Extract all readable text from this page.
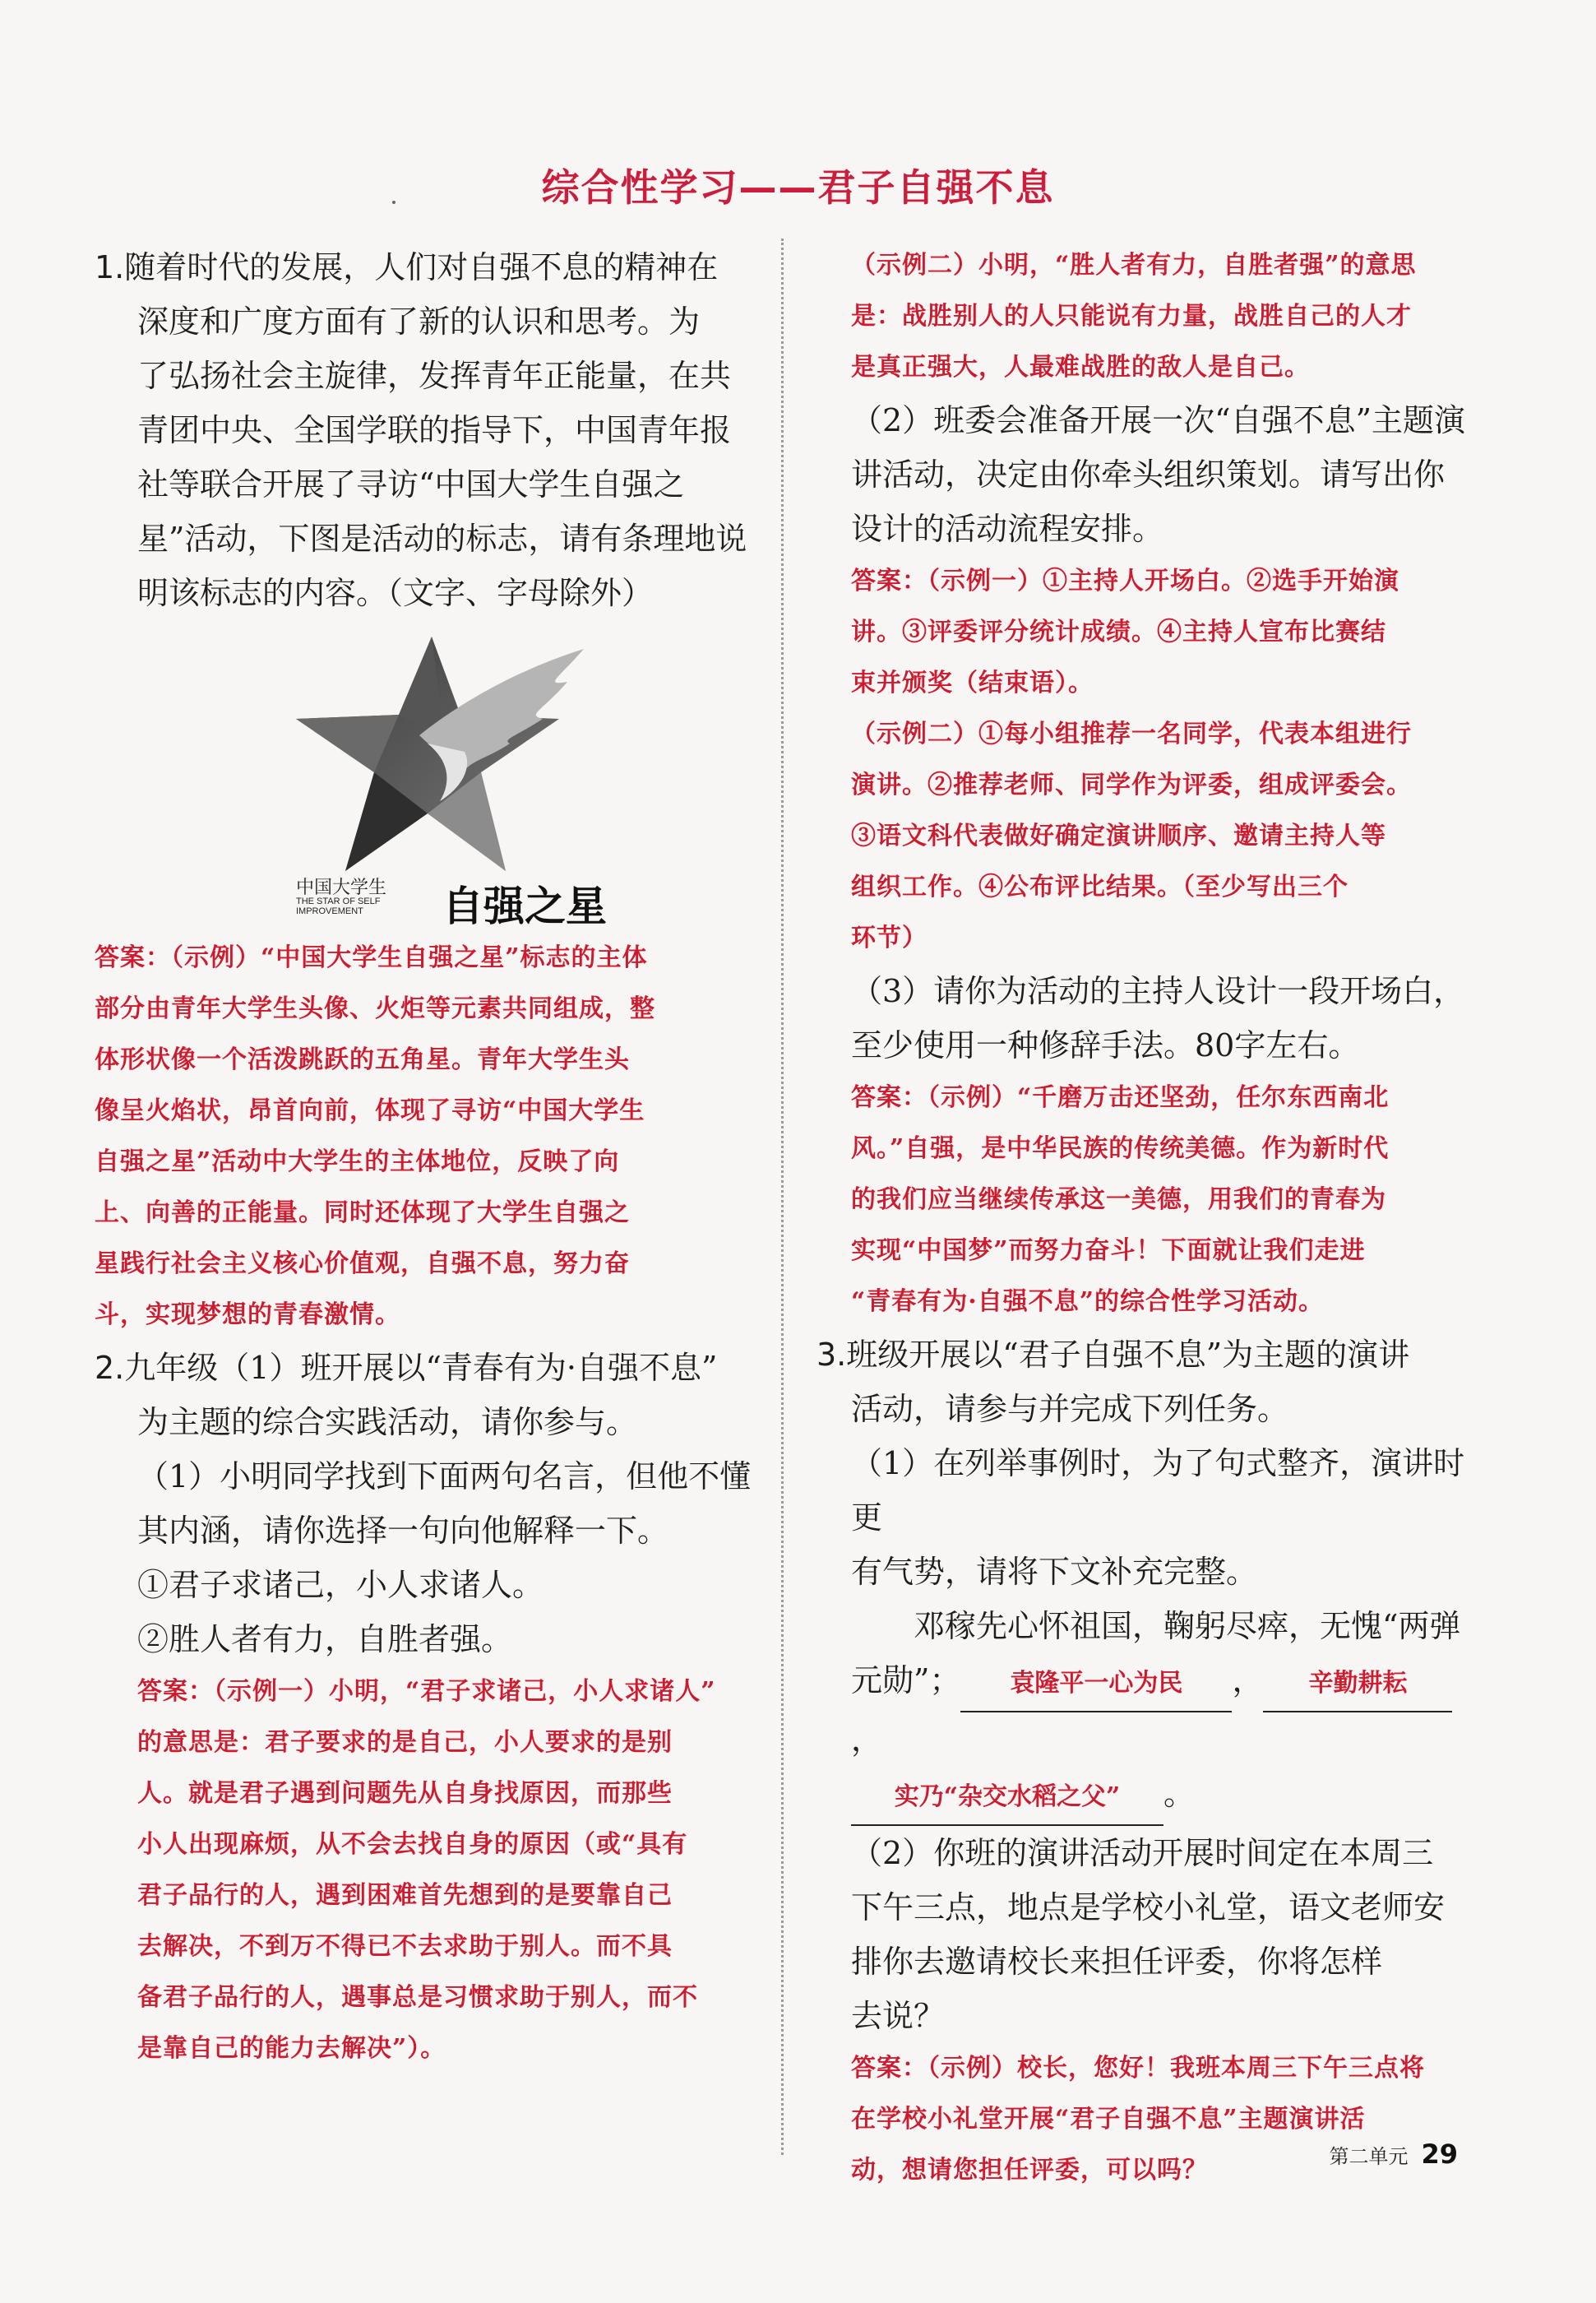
综合性学习——君子自强不息

1.随着时代的发展，人们对自强不息的精神在

深度和广度方面有了新的认识和思考。为

了弘扬社会主旋律，发挥青年正能量，在共

青团中央、全国学联的指导下，中国青年报

社等联合开展了寻访“中国大学生自强之

星”活动，下图是活动的标志，请有条理地说

明该标志的内容。（文字、字母除外）

中国大学生
THE STAR OF SELF
IMPROVEMENT	自强之星

答案：（示例）“中国大学生自强之星”标志的主体

部分由青年大学生头像、火炬等元素共同组成，整

体形状像一个活泼跳跃的五角星。青年大学生头

像呈火焰状，昂首向前，体现了寻访“中国大学生

自强之星”活动中大学生的主体地位，反映了向

上、向善的正能量。同时还体现了大学生自强之

星践行社会主义核心价值观，自强不息，努力奋

斗，实现梦想的青春激情。

2.九年级（1）班开展以“青春有为·自强不息”

为主题的综合实践活动，请你参与。

（1）小明同学找到下面两句名言，但他不懂

其内涵，请你选择一句向他解释一下。

①君子求诸己，小人求诸人。

②胜人者有力，自胜者强。

答案：（示例一）小明，“君子求诸己，小人求诸人”

的意思是：君子要求的是自己，小人要求的是别

人。就是君子遇到问题先从自身找原因，而那些

小人出现麻烦，从不会去找自身的原因（或“具有

君子品行的人，遇到困难首先想到的是要靠自己

去解决，不到万不得已不去求助于别人。而不具

备君子品行的人，遇事总是习惯求助于别人，而不

是靠自己的能力去解决”）。

（示例二）小明，“胜人者有力，自胜者强”的意思

是：战胜别人的人只能说有力量，战胜自己的人才

是真正强大，人最难战胜的敌人是自己。

（2）班委会准备开展一次“自强不息”主题演

讲活动，决定由你牵头组织策划。请写出你

设计的活动流程安排。

答案：（示例一）①主持人开场白。②选手开始演

讲。③评委评分统计成绩。④主持人宣布比赛结

束并颁奖（结束语）。

（示例二）①每小组推荐一名同学，代表本组进行

演讲。②推荐老师、同学作为评委，组成评委会。

③语文科代表做好确定演讲顺序、邀请主持人等

组织工作。④公布评比结果。（至少写出三个

环节）

（3）请你为活动的主持人设计一段开场白，

至少使用一种修辞手法。80字左右。

答案：（示例）“千磨万击还坚劲，任尔东西南北

风。”自强，是中华民族的传统美德。作为新时代

的我们应当继续传承这一美德，用我们的青春为

实现“中国梦”而努力奋斗！下面就让我们走进

“青春有为·自强不息”的综合性学习活动。

3.班级开展以“君子自强不息”为主题的演讲

活动，请参与并完成下列任务。

（1）在列举事例时，为了句式整齐，演讲时更

有气势，请将下文补充完整。

邓稼先心怀祖国，鞠躬尽瘁，无愧“两弹

元勋”； 袁隆平一心为民 ， 辛勤耕耘，

实乃“杂交水稻之父” 。

（2）你班的演讲活动开展时间定在本周三

下午三点，地点是学校小礼堂，语文老师安

排你去邀请校长来担任评委，你将怎样

去说？

答案：（示例）校长，您好！我班本周三下午三点将

在学校小礼堂开展“君子自强不息”主题演讲活

动，想请您担任评委，可以吗？	第二单元 29
